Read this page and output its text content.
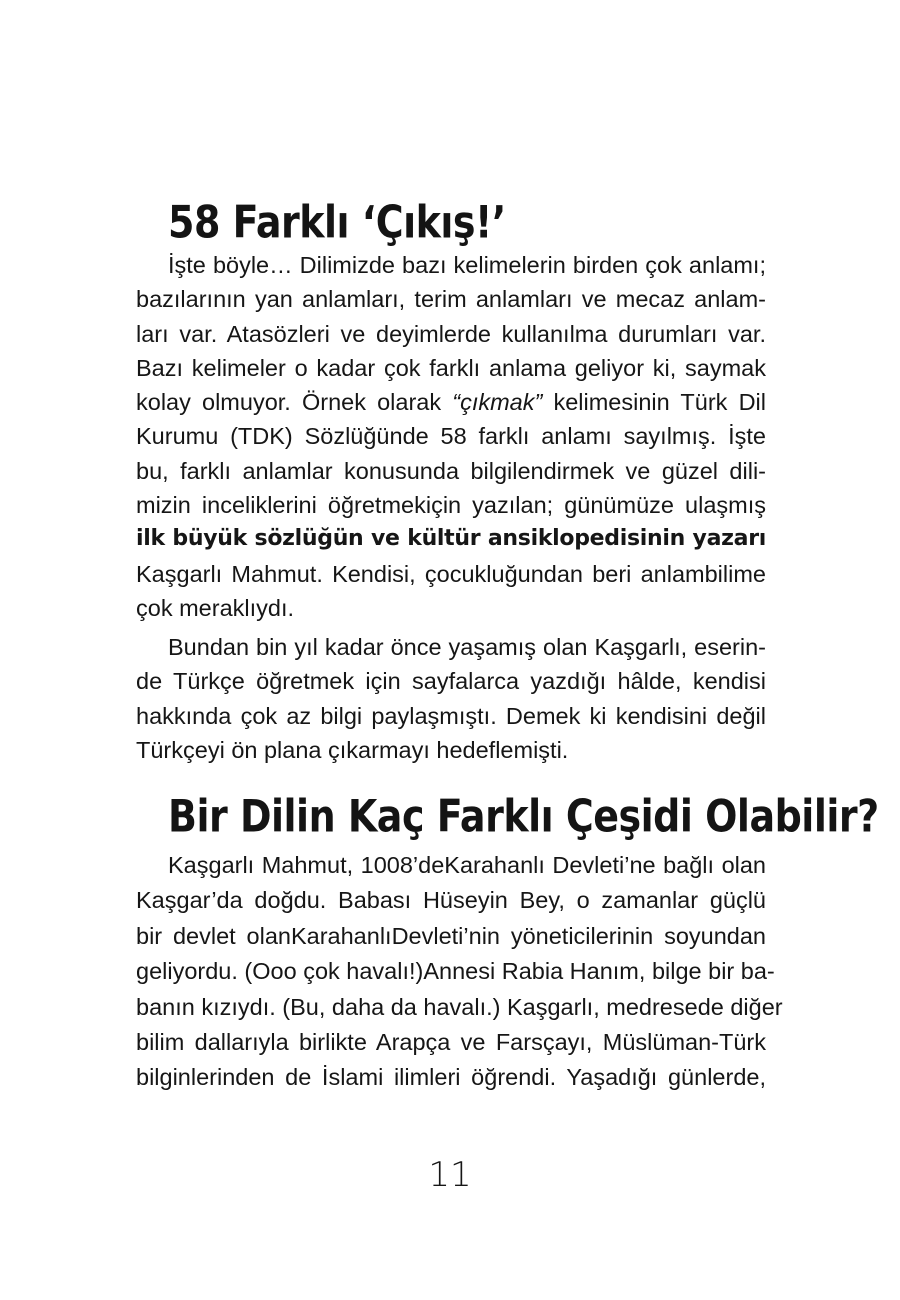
58 Farklı ‘Çıkış!’
İşte böyle… Dilimizde bazı kelimelerin birden çok anlamı;
bazılarının yan anlamları, terim anlamları ve mecaz anlam-
ları var. Atasözleri ve deyimlerde kullanılma durumları var.
Bazı kelimeler o kadar çok farklı anlama geliyor ki, saymak
kolay olmuyor. Örnek olarak “çıkmak” kelimesinin Türk Dil
Kurumu (TDK) Sözlüğünde 58 farklı anlamı sayılmış. İşte
bu, farklı anlamlar konusunda bilgilendirmek ve güzel dili-
mizin inceliklerini öğretmekiçin yazılan; günümüze ulaşmış
ilk büyük sözlüğün ve kültür ansiklopedisinin yazarı
Kaşgarlı Mahmut. Kendisi, çocukluğundan beri anlambilime
çok meraklıydı.
Bundan bin yıl kadar önce yaşamış olan Kaşgarlı, eserin-
de Türkçe öğretmek için sayfalarca yazdığı hâlde, kendisi
hakkında çok az bilgi paylaşmıştı. Demek ki kendisini değil
Türkçeyi ön plana çıkarmayı hedeflemişti.
Bir Dilin Kaç Farklı Çeşidi Olabilir?
Kaşgarlı Mahmut, 1008’deKarahanlı Devleti’ne bağlı olan
Kaşgar’da doğdu. Babası Hüseyin Bey, o zamanlar güçlü
bir devlet olanKarahanlıDevleti’nin yöneticilerinin soyundan
geliyordu. (Ooo çok havalı!)Annesi Rabia Hanım, bilge bir ba-
banın kızıydı. (Bu, daha da havalı.) Kaşgarlı, medresede diğer
bilim dallarıyla birlikte Arapça ve Farsçayı, Müslüman-Türk
bilginlerinden de İslami ilimleri öğrendi. Yaşadığı günlerde,
11
